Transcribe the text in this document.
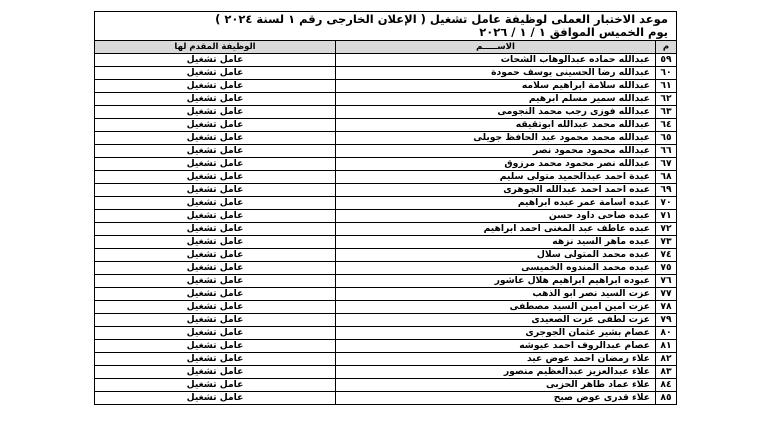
موعد الاختبار العملى لوظيفة عامل تشغيل ( الإعلان الخارجى رقم ١ لسنة ٢٠٢٤ )
يوم الخميس الموافق ١ / ١ / ٢٠٢٦
م	الاســـــم	الوظيفة المقدم لها
٥٩	عبدالله حماده عبدالوهاب الشحات	عامل تشغيل
٦٠	عبدالله رضا الحسينى يوسف حمودة	عامل تشغيل
٦١	عبدالله سلامة ابراهيم سلامه	عامل تشغيل
٦٢	عبدالله سمير مسلم ابرهيم	عامل تشغيل
٦٣	عبدالله فوزى رجب محمد النجومى	عامل تشغيل
٦٤	عبدالله محمد عبدالله ابوتقيقه	عامل تشغيل
٦٥	عبدالله محمد محمود عبد الحافظ جويلى	عامل تشغيل
٦٦	عبدالله محمود محمود نصر	عامل تشغيل
٦٧	عبدالله نصر محمود محمد مرزوق	عامل تشغيل
٦٨	عبدة احمد عبدالحميد متولى سليم	عامل تشغيل
٦٩	عبده احمد احمد عبدالله الجوهرى	عامل تشغيل
٧٠	عبده اسامة عمر عبده ابراهيم	عامل تشغيل
٧١	عبده صاحى داود حسن	عامل تشغيل
٧٢	عبده عاطف عبد المغنى احمد ابراهيم	عامل تشغيل
٧٣	عبده ماهر السيد نزهه	عامل تشغيل
٧٤	عبده محمد المتولى سلال	عامل تشغيل
٧٥	عبده محمد المندوه الخميسى	عامل تشغيل
٧٦	عبوده ابراهيم ابراهيم هلال عاشور	عامل تشغيل
٧٧	عزت السيد نصر ابو الذهب	عامل تشغيل
٧٨	عزت امين امين السيد مصطفى	عامل تشغيل
٧٩	عزت لطفى عزت الصعيدى	عامل تشغيل
٨٠	عصام بشير عثمان الجوجرى	عامل تشغيل
٨١	عصام عبدالروف احمد عيوشه	عامل تشغيل
٨٢	علاء رمضان احمد عوض عيد	عامل تشغيل
٨٣	علاء عبدالعزيز عبدالعظيم منصور	عامل تشغيل
٨٤	علاء عماد طاهر الحزبى	عامل تشغيل
٨٥	علاء قدرى عوض صبح	عامل تشغيل
